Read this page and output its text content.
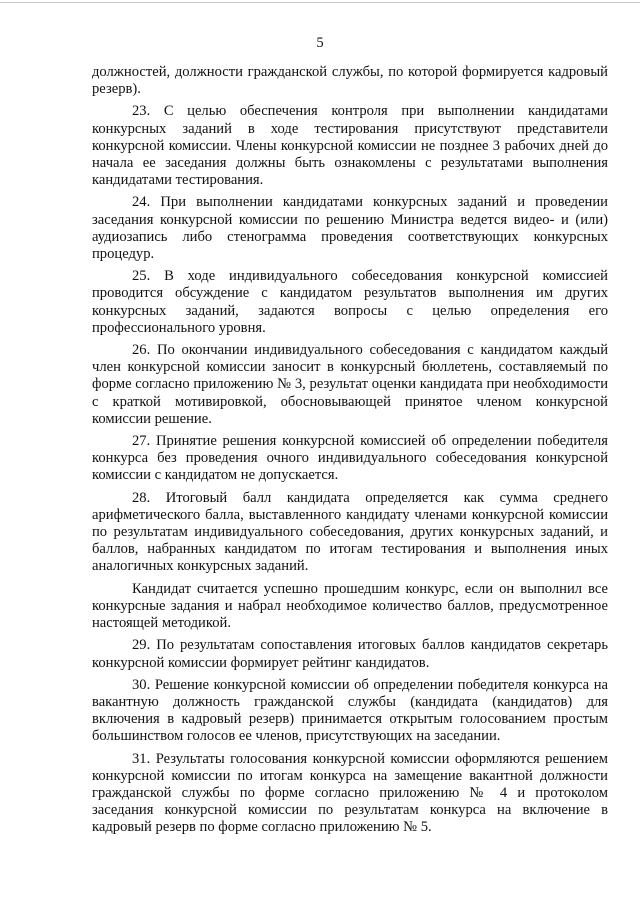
5

должностей, должности гражданской службы, по которой формируется кадровый резерв).

23. С целью обеспечения контроля при выполнении кандидатами конкурсных заданий в ходе тестирования присутствуют представители конкурсной комиссии. Члены конкурсной комиссии не позднее 3 рабочих дней до начала ее заседания должны быть ознакомлены с результатами выполнения кандидатами тестирования.

24. При выполнении кандидатами конкурсных заданий и проведении заседания конкурсной комиссии по решению Министра ведется видео- и (или) аудиозапись либо стенограмма проведения соответствующих конкурсных процедур.

25. В ходе индивидуального собеседования конкурсной комиссией проводится обсуждение с кандидатом результатов выполнения им других конкурсных заданий, задаются вопросы с целью определения его профессионального уровня.

26. По окончании индивидуального собеседования с кандидатом каждый член конкурсной комиссии заносит в конкурсный бюллетень, составляемый по форме согласно приложению № 3, результат оценки кандидата при необходимости с краткой мотивировкой, обосновывающей принятое членом конкурсной комиссии решение.

27. Принятие решения конкурсной комиссией об определении победителя конкурса без проведения очного индивидуального собеседования конкурсной комиссии с кандидатом не допускается.

28. Итоговый балл кандидата определяется как сумма среднего арифметического балла, выставленного кандидату членами конкурсной комиссии по результатам индивидуального собеседования, других конкурсных заданий, и баллов, набранных кандидатом по итогам тестирования и выполнения иных аналогичных конкурсных заданий.

Кандидат считается успешно прошедшим конкурс, если он выполнил все конкурсные задания и набрал необходимое количество баллов, предусмотренное настоящей методикой.

29. По результатам сопоставления итоговых баллов кандидатов секретарь конкурсной комиссии формирует рейтинг кандидатов.

30. Решение конкурсной комиссии об определении победителя конкурса на вакантную должность гражданской службы (кандидата (кандидатов) для включения в кадровый резерв) принимается открытым голосованием простым большинством голосов ее членов, присутствующих на заседании.

31. Результаты голосования конкурсной комиссии оформляются решением конкурсной комиссии по итогам конкурса на замещение вакантной должности гражданской службы по форме согласно приложению № 4 и протоколом заседания конкурсной комиссии по результатам конкурса на включение в кадровый резерв по форме согласно приложению № 5.
